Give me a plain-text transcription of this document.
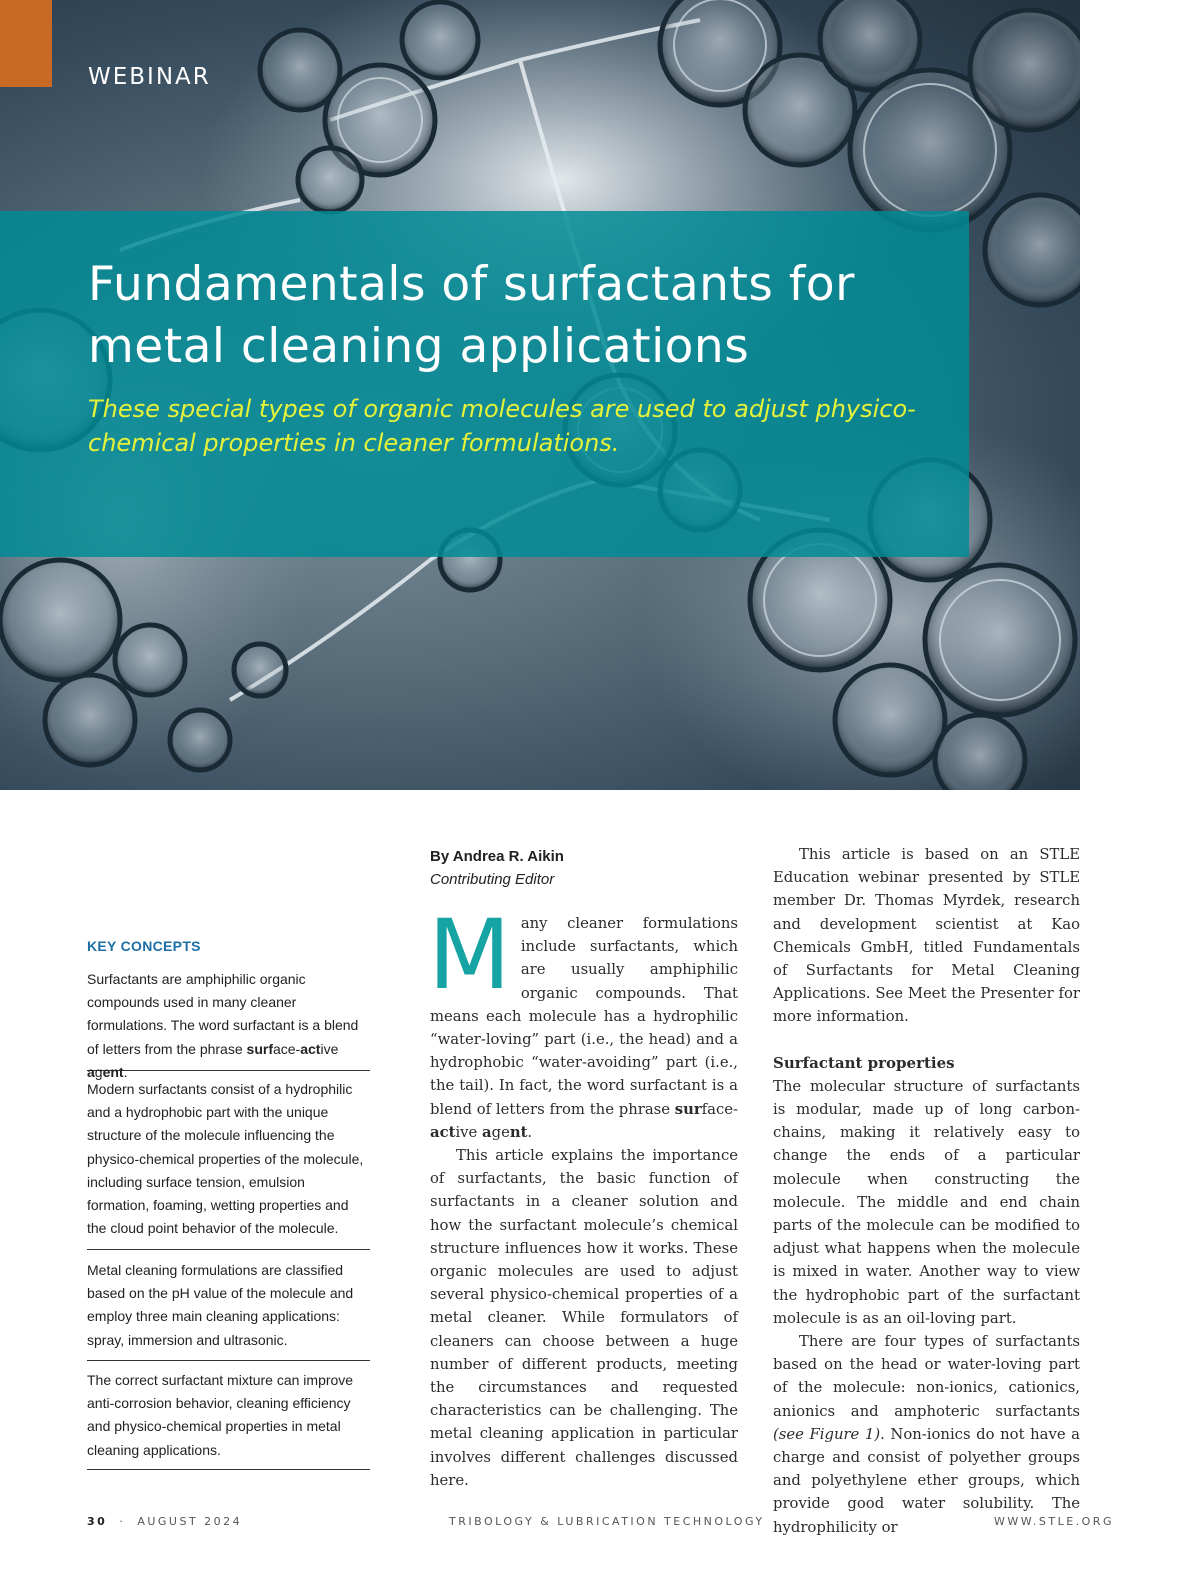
WEBINAR
Fundamentals of surfactants for
metal cleaning applications

These special types of organic molecules are used to adjust physico-chemical properties in cleaner formulations.

KEY CONCEPTS
Surfactants are amphiphilic organic compounds used in many cleaner formulations. The word surfactant is a blend of letters from the phrase surface-active agent.
Modern surfactants consist of a hydrophilic and a hydrophobic part with the unique structure of the molecule influencing the physico-chemical properties of the molecule, including surface tension, emulsion formation, foaming, wetting properties and the cloud point behavior of the molecule.
Metal cleaning formulations are classified based on the pH value of the molecule and employ three main cleaning applications: spray, immersion and ultrasonic.
The correct surfactant mixture can improve anti-corrosion behavior, cleaning efficiency and physico-chemical properties in metal cleaning applications.
By Andrea R. Aikin
Contributing Editor

Many cleaner formulations include surfactants, which are usually amphiphilic organic compounds. That means each molecule has a hydrophilic “water-loving” part (i.e., the head) and a hydrophobic “water-avoiding” part (i.e., the tail). In fact, the word surfactant is a blend of letters from the phrase surface-active agent.

This article explains the importance of surfactants, the basic function of surfactants in a cleaner solution and how the surfactant molecule’s chemical structure influences how it works. These organic molecules are used to adjust several physico-chemical properties of a metal cleaner. While formulators of cleaners can choose between a huge number of different products, meeting the circumstances and requested characteristics can be challenging. The metal cleaning application in particular involves different challenges discussed here.

This article is based on an STLE Education webinar presented by STLE member Dr. Thomas Myrdek, research and development scientist at Kao Chemicals GmbH, titled Fundamentals of Surfactants for Metal Cleaning Applications. See Meet the Presenter for more information.

Surfactant properties

The molecular structure of surfactants is modular, made up of long carbon-chains, making it relatively easy to change the ends of a particular molecule when constructing the molecule. The middle and end chain parts of the molecule can be modified to adjust what happens when the molecule is mixed in water. Another way to view the hydrophobic part of the surfactant molecule is as an oil-loving part.

There are four types of surfactants based on the head or water-loving part of the molecule: non-ionics, cationics, anionics and amphoteric surfactants (see Figure 1). Non-ionics do not have a charge and consist of polyether groups and polyethylene ether groups, which provide good water solubility. The hydrophilicity or

30 · AUGUST 2024	TRIBOLOGY & LUBRICATION TECHNOLOGY	WWW.STLE.ORG
